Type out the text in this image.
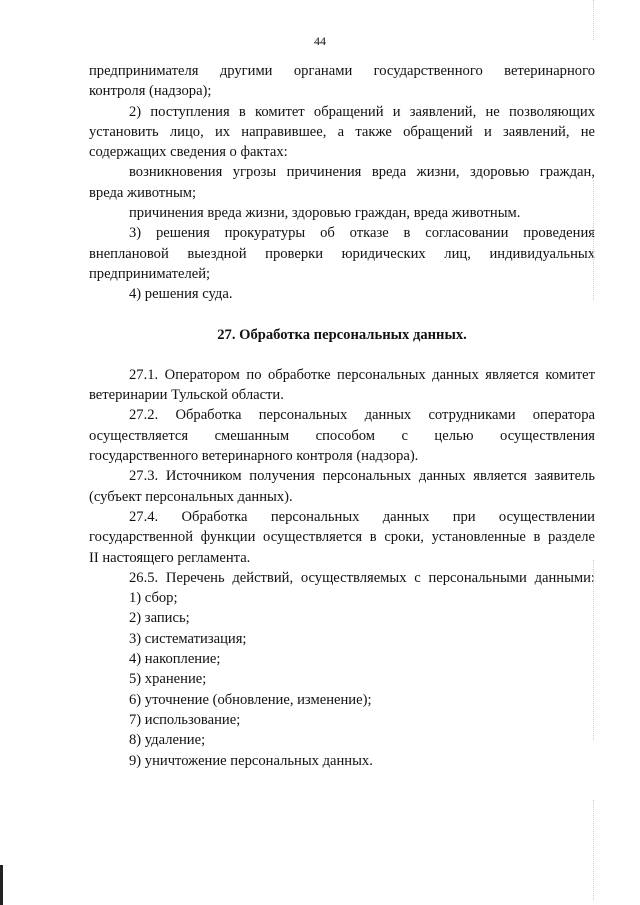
44

предпринимателя другими органами государственного ветеринарного

контроля (надзора);

2) поступления в комитет обращений и заявлений, не позволяющих

установить лицо, их направившее, а также обращений и заявлений, не

содержащих сведения о фактах:

возникновения угрозы причинения вреда жизни, здоровью граждан,

вреда животным;

причинения вреда жизни, здоровью граждан, вреда животным.

3) решения прокуратуры об отказе в согласовании проведения

внеплановой выездной проверки юридических лиц, индивидуальных

предпринимателей;

4) решения суда.

27. Обработка персональных данных.

27.1. Оператором по обработке персональных данных является комитет

ветеринарии Тульской области.

27.2. Обработка персональных данных сотрудниками оператора

осуществляется смешанным способом с целью осуществления

государственного ветеринарного контроля (надзора).

27.3. Источником получения персональных данных является заявитель

(субъект персональных данных).

27.4. Обработка персональных данных при осуществлении

государственной функции осуществляется в сроки, установленные в разделе

II настоящего регламента.

26.5. Перечень действий, осуществляемых с персональными данными:

1) сбор;

2) запись;

3) систематизация;

4) накопление;

5) хранение;

6) уточнение (обновление, изменение);

7) использование;

8) удаление;

9) уничтожение персональных данных.
